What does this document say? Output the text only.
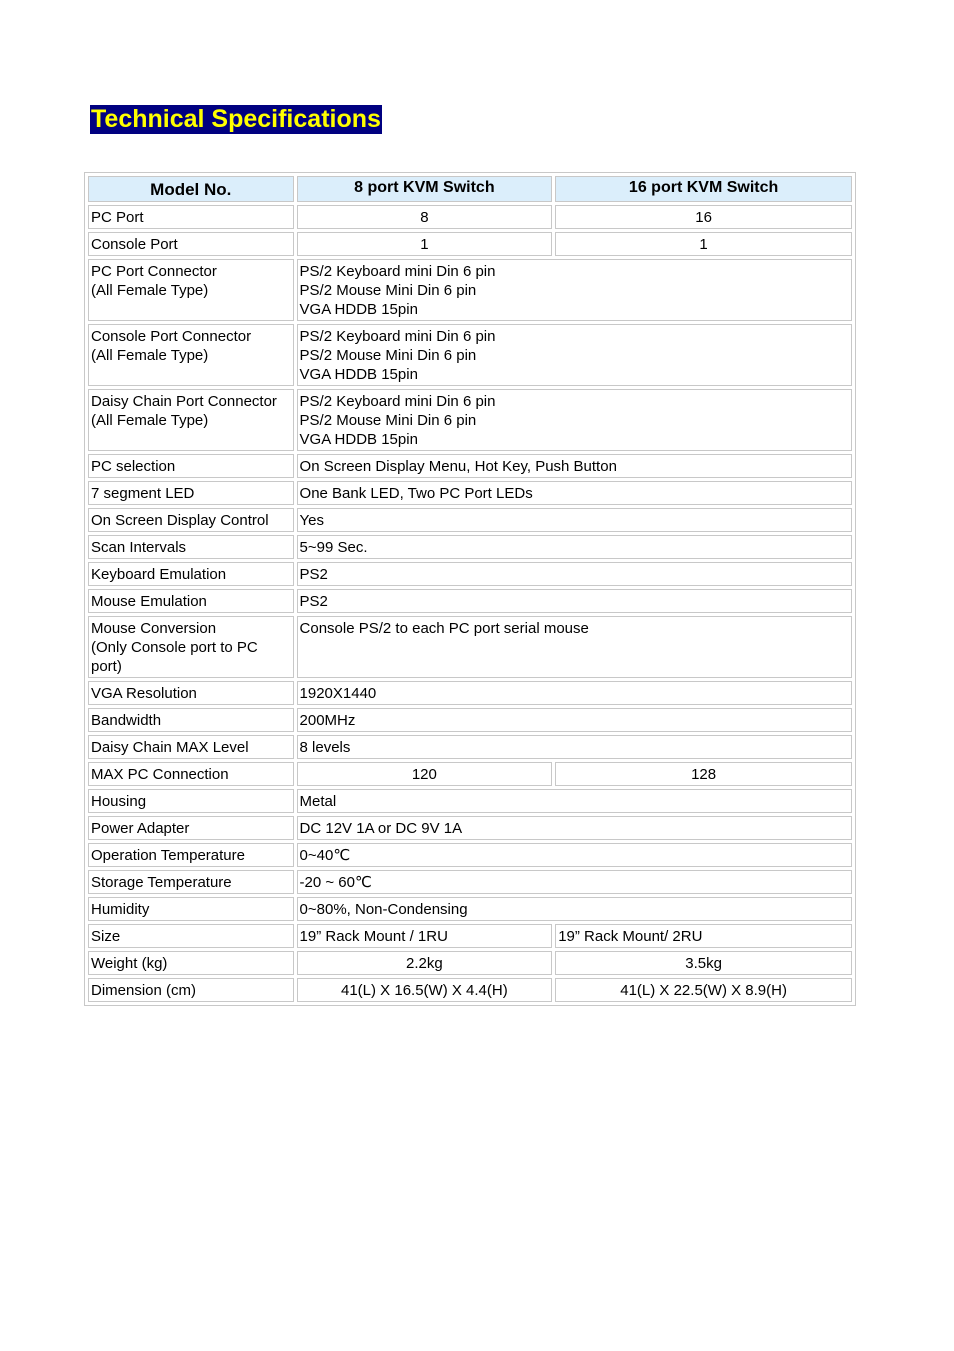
Technical Specifications
Model No.	8 port KVM Switch	16 port KVM Switch

PC Port	8	16

Console Port	1	1

PC Port Connector
(All Female Type)	PS/2 Keyboard mini Din 6 pin
PS/2 Mouse Mini Din 6 pin
VGA HDDB 15pin	

Console Port Connector
(All Female Type)	PS/2 Keyboard mini Din 6 pin
PS/2 Mouse Mini Din 6 pin
VGA HDDB 15pin	

Daisy Chain Port Connector
(All Female Type)	PS/2 Keyboard mini Din 6 pin
PS/2 Mouse Mini Din 6 pin
VGA HDDB 15pin	

PC selection	On Screen Display Menu, Hot Key, Push Button	

7 segment LED	One Bank LED, Two PC Port LEDs	

On Screen Display Control	Yes	

Scan Intervals	5~99 Sec.	

Keyboard Emulation	PS2	

Mouse Emulation	PS2	

Mouse Conversion
(Only Console port to PC
port)	Console PS/2 to each PC port serial mouse	

VGA Resolution	1920X1440	

Bandwidth	200MHz	

Daisy Chain MAX Level	8 levels	

MAX PC Connection	120	128

Housing	Metal	

Power Adapter	DC 12V 1A or DC 9V 1A	

Operation Temperature	0~40℃	

Storage Temperature	-20 ~ 60℃	

Humidity	0~80%, Non-Condensing	

Size	19” Rack Mount / 1RU	19” Rack Mount/ 2RU

Weight (kg)	2.2kg	3.5kg

Dimension (cm)	41(L) X 16.5(W) X 4.4(H)	41(L) X 22.5(W) X 8.9(H)
